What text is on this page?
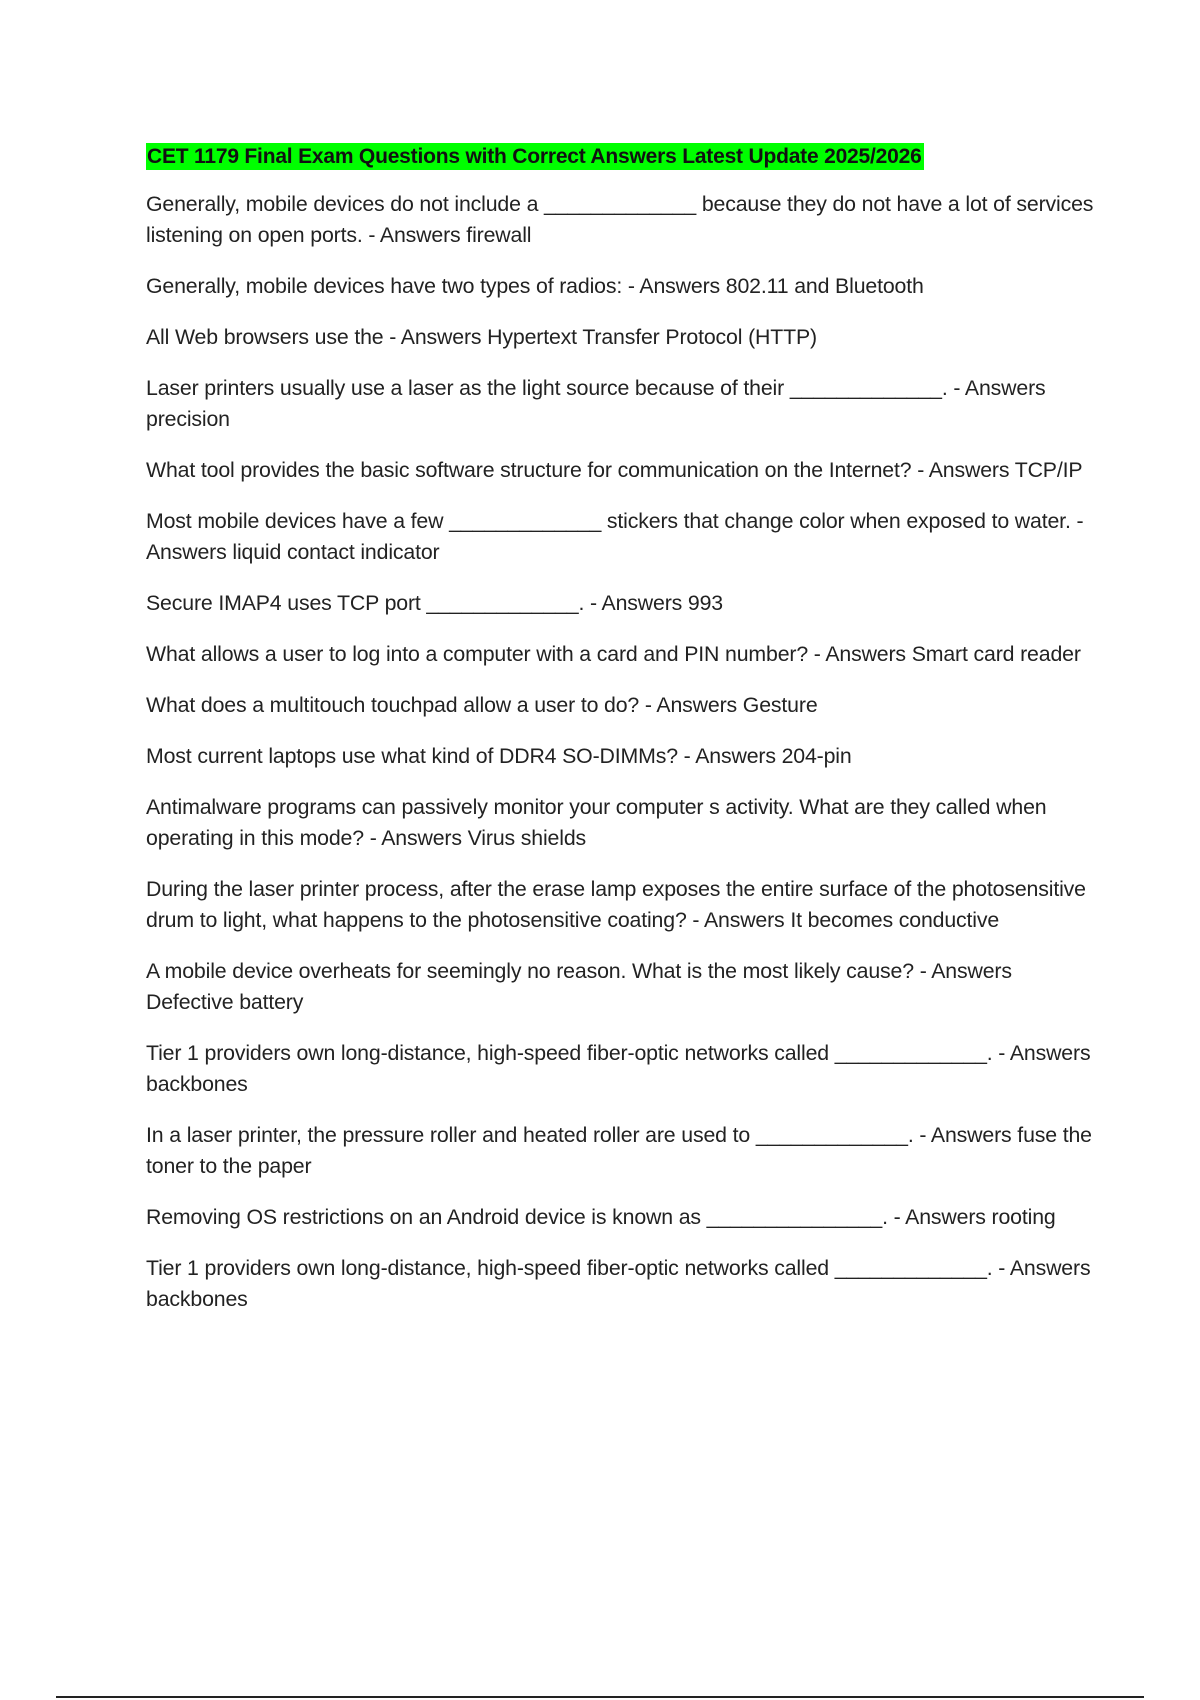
CET 1179 Final Exam Questions with Correct Answers Latest Update 2025/2026
Generally, mobile devices do not include a _____________ because they do not have a lot of services listening on open ports. - Answers firewall
Generally, mobile devices have two types of radios: - Answers 802.11 and Bluetooth
All Web browsers use the - Answers Hypertext Transfer Protocol (HTTP)
Laser printers usually use a laser as the light source because of their _____________. - Answers precision
What tool provides the basic software structure for communication on the Internet? - Answers TCP/IP
Most mobile devices have a few _____________ stickers that change color when exposed to water. - Answers liquid contact indicator
Secure IMAP4 uses TCP port _____________. - Answers 993
What allows a user to log into a computer with a card and PIN number? - Answers Smart card reader
What does a multitouch touchpad allow a user to do? - Answers Gesture
Most current laptops use what kind of DDR4 SO-DIMMs? - Answers 204-pin
Antimalware programs can passively monitor your computer s activity. What are they called when operating in this mode? - Answers Virus shields
During the laser printer process, after the erase lamp exposes the entire surface of the photosensitive drum to light, what happens to the photosensitive coating? - Answers It becomes conductive
A mobile device overheats for seemingly no reason. What is the most likely cause? - Answers Defective battery
Tier 1 providers own long-distance, high-speed fiber-optic networks called _____________. - Answers backbones
In a laser printer, the pressure roller and heated roller are used to _____________. - Answers fuse the toner to the paper
Removing OS restrictions on an Android device is known as _______________. - Answers rooting
Tier 1 providers own long-distance, high-speed fiber-optic networks called _____________. - Answers backbones
